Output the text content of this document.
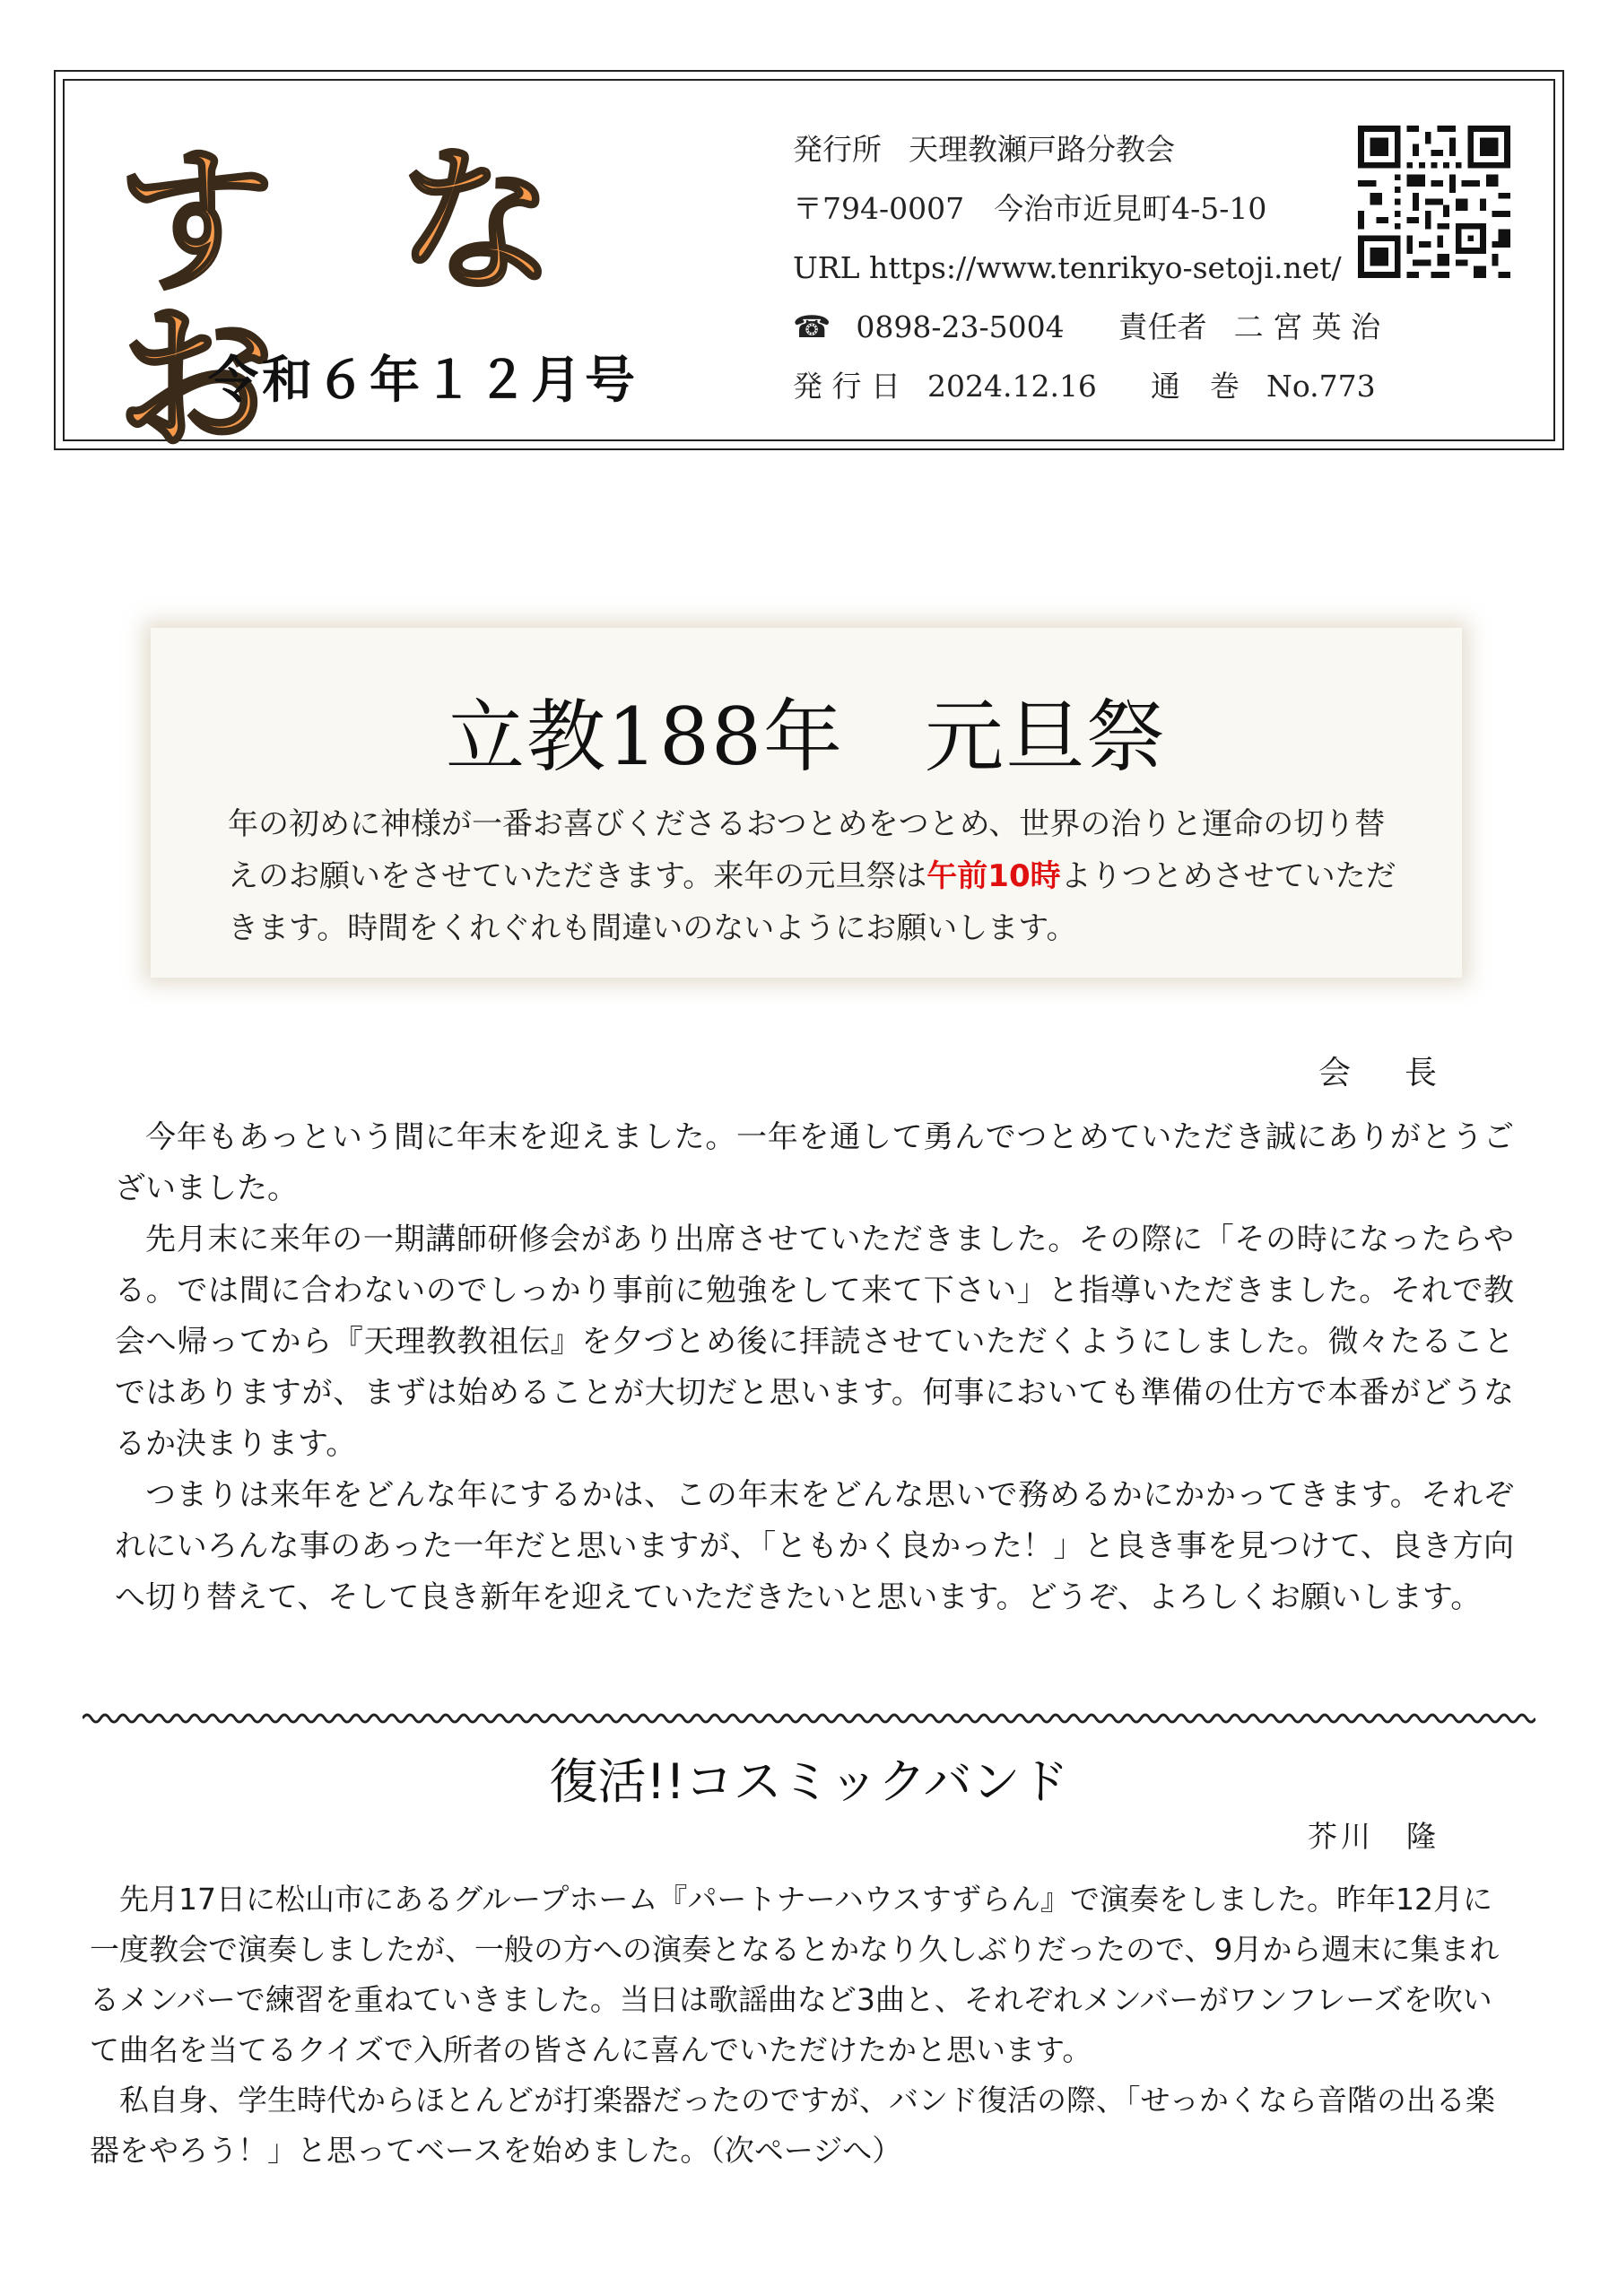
す な お
令和６年１２月号
発行所 天理教瀬戸路分教会
〒794-0007　今治市近見町4-5-10
URL https://www.tenrikyo-setoji.net/
☎ 0898-23-5004 責任者 二 宮 英 治
発 行 日 2024.12.16 通　巻 No.773
立教188年　元旦祭
年の初めに神様が一番お喜びくださるおつとめをつとめ、世界の治りと運命の切り替えのお願いをさせていただきます。来年の元旦祭は午前10時よりつとめさせていただきます。時間をくれぐれも間違いのないようにお願いします。
会長

今年もあっという間に年末を迎えました。一年を通して勇んでつとめていただき誠にありがとうございました。

先月末に来年の一期講師研修会があり出席させていただきました。その際に「その時になったらやる。では間に合わないのでしっかり事前に勉強をして来て下さい」と指導いただきました。それで教会へ帰ってから『天理教教祖伝』を夕づとめ後に拝読させていただくようにしました。微々たることではありますが、まずは始めることが大切だと思います。何事においても準備の仕方で本番がどうなるか決まります。

つまりは来年をどんな年にするかは、この年末をどんな思いで務めるかにかかってきます。それぞれにいろんな事のあった一年だと思いますが、「ともかく良かった！」と良き事を見つけて、良き方向へ切り替えて、そして良き新年を迎えていただきたいと思います。どうぞ、よろしくお願いします。

復活!!コスミックバンド
芥川 隆

先月17日に松山市にあるグループホーム『パートナーハウスすずらん』で演奏をしました。昨年12月に一度教会で演奏しましたが、一般の方への演奏となるとかなり久しぶりだったので、9月から週末に集まれるメンバーで練習を重ねていきました。当日は歌謡曲など3曲と、それぞれメンバーがワンフレーズを吹いて曲名を当てるクイズで入所者の皆さんに喜んでいただけたかと思います。

私自身、学生時代からほとんどが打楽器だったのですが、バンド復活の際、「せっかくなら音階の出る楽器をやろう！」と思ってベースを始めました。（次ページへ）
